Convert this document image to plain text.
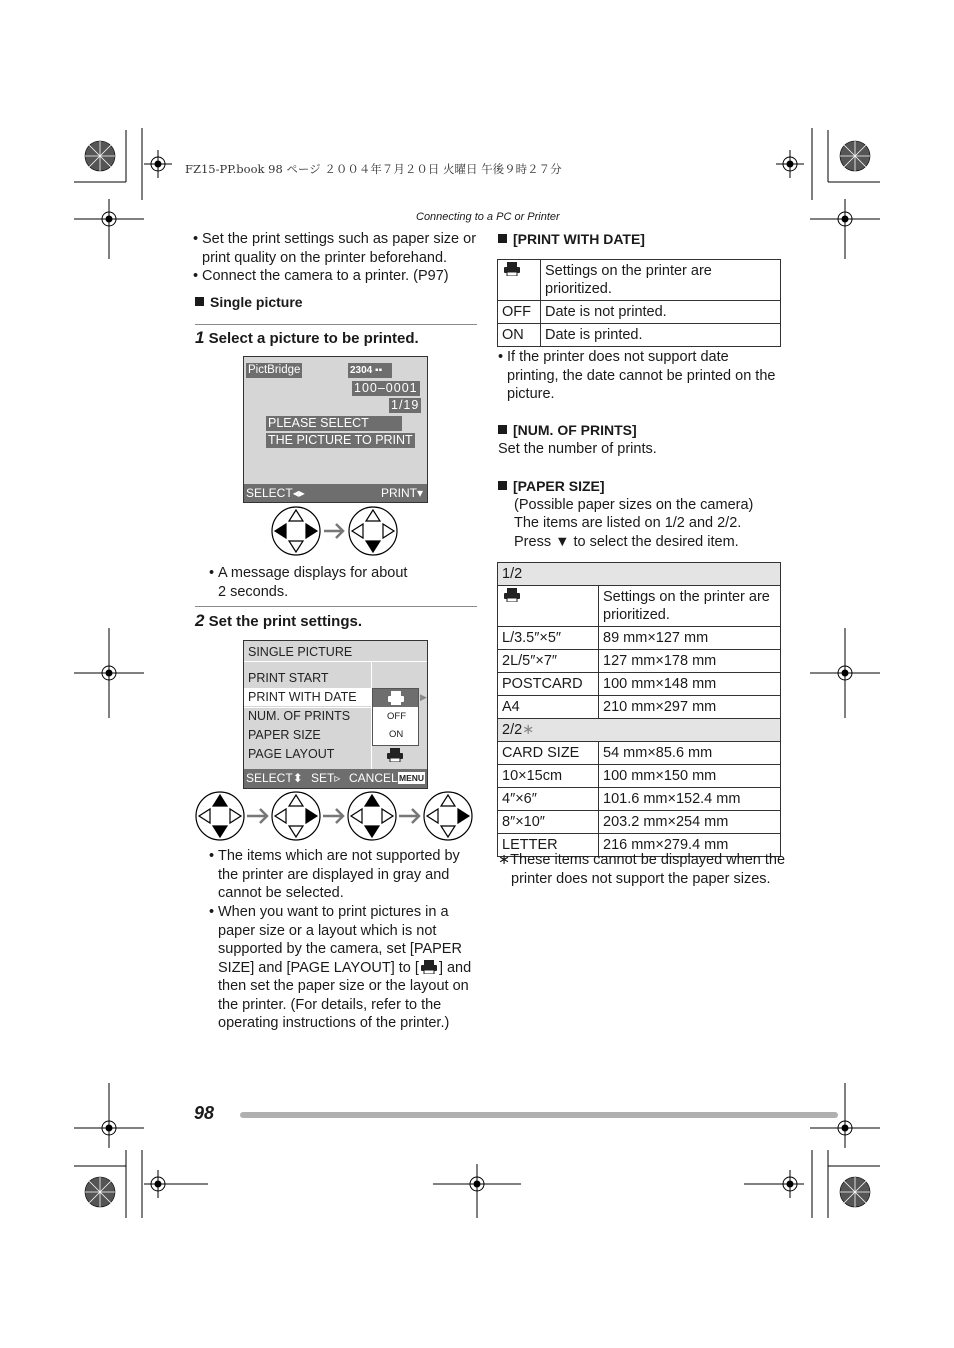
FZ15-PP.book 98 ページ ２００４年７月２０日 火曜日 午後９時２７分
Connecting to a PC or Printer
• Set the print settings such as paper size or print quality on the printer beforehand.
• Connect the camera to a printer. (P97)
Single picture
1 Select a picture to be printed.
PictBridge	2304 ▪▪
100–0001
1/19
PLEASE SELECT
THE PICTURE TO PRINT
SELECT◂▸	PRINT▾
• A message displays for about 2 seconds.
2 Set the print settings.
SINGLE PICTURE
PRINT START
PRINT WITH DATE
NUM. OF PRINTS
PAPER SIZE
PAGE LAYOUT
OFF
ON
▶
SELECT⬍ SET▹ CANCEL MENU
• The items which are not supported by the printer are displayed in gray and cannot be selected.
• When you want to print pictures in a paper size or a layout which is not supported by the camera, set [PAPER SIZE] and [PAGE LAYOUT] to [ ] and then set the paper size or the layout on the printer. (For details, refer to the operating instructions of the printer.)
[PRINT WITH DATE]
	Settings on the printer are prioritized.
OFF	Date is not printed.
ON	Date is printed.
• If the printer does not support date printing, the date cannot be printed on the picture.
[NUM. OF PRINTS]
Set the number of prints.
[PAPER SIZE]
(Possible paper sizes on the camera)
The items are listed on 1/2 and 2/2.
Press ▼ to select the desired item.
1/2	
	Settings on the printer are prioritized.
L/3.5″×5″	89 mm×127 mm
2L/5″×7″	127 mm×178 mm
POSTCARD	100 mm×148 mm
A4	210 mm×297 mm
2/2∗	
CARD SIZE	54 mm×85.6 mm
10×15cm	100 mm×150 mm
4″×6″	101.6 mm×152.4 mm
8″×10″	203.2 mm×254 mm
LETTER	216 mm×279.4 mm
∗These items cannot be displayed when the printer does not support the paper sizes.
98
